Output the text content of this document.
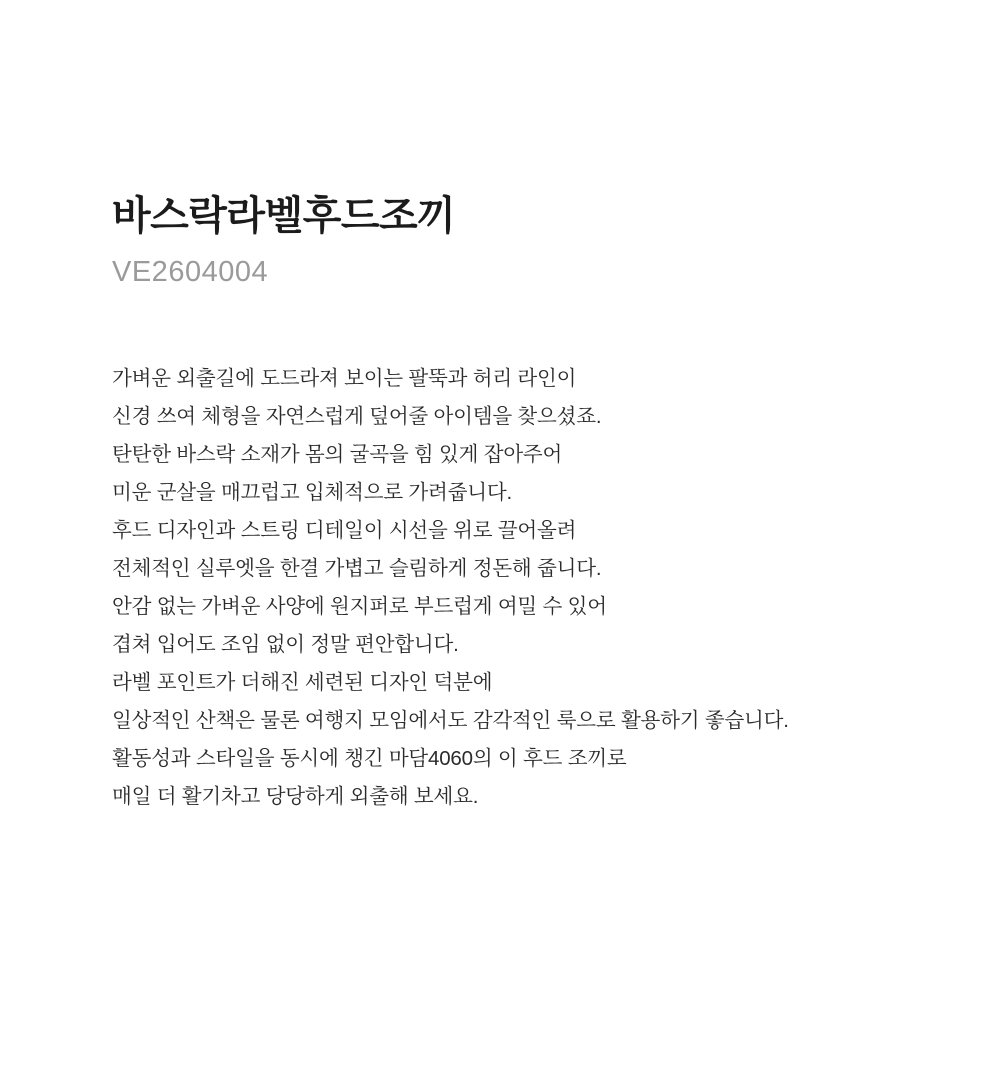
바스락라벨후드조끼
VE2604004

가벼운 외출길에 도드라져 보이는 팔뚝과 허리 라인이

신경 쓰여 체형을 자연스럽게 덮어줄 아이템을 찾으셨죠.

탄탄한 바스락 소재가 몸의 굴곡을 힘 있게 잡아주어

미운 군살을 매끄럽고 입체적으로 가려줍니다.

후드 디자인과 스트링 디테일이 시선을 위로 끌어올려

전체적인 실루엣을 한결 가볍고 슬림하게 정돈해 줍니다.

안감 없는 가벼운 사양에 원지퍼로 부드럽게 여밀 수 있어

겹쳐 입어도 조임 없이 정말 편안합니다.

라벨 포인트가 더해진 세련된 디자인 덕분에

일상적인 산책은 물론 여행지 모임에서도 감각적인 룩으로 활용하기 좋습니다.

활동성과 스타일을 동시에 챙긴 마담4060의 이 후드 조끼로

매일 더 활기차고 당당하게 외출해 보세요.
